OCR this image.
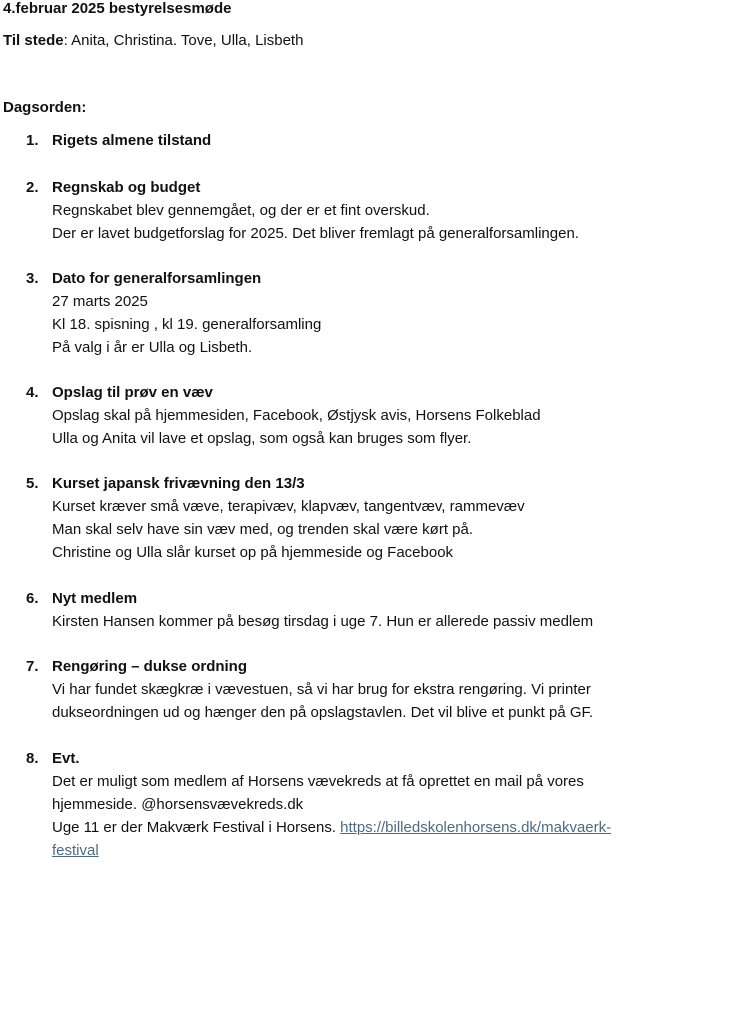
4.februar 2025 bestyrelsesmøde
Til stede: Anita, Christina. Tove, Ulla, Lisbeth
Dagsorden:
1. Rigets almene tilstand
2. Regnskab og budget
Regnskabet blev gennemgået, og der er et fint overskud.
Der er lavet budgetforslag for 2025. Det bliver fremlagt på generalforsamlingen.
3. Dato for generalforsamlingen
27 marts 2025
Kl 18. spisning , kl 19. generalforsamling
På valg i år er Ulla og Lisbeth.
4. Opslag til prøv en væv
Opslag skal på hjemmesiden, Facebook, Østjysk avis, Horsens Folkeblad
Ulla og Anita vil lave et opslag, som også kan bruges som flyer.
5. Kurset japansk frivævning den 13/3
Kurset kræver små væve, terapivæv, klapvæv, tangentvæv, rammevæv
Man skal selv have sin væv med, og trenden skal være kørt på.
Christine og Ulla slår kurset op på hjemmeside og Facebook
6. Nyt medlem
Kirsten Hansen kommer på besøg tirsdag i uge 7. Hun er allerede passiv medlem
7. Rengøring – dukse ordning
Vi har fundet skægkræ i vævestuen, så vi har brug for ekstra rengøring. Vi printer
dukseordningen ud og hænger den på opslagstavlen. Det vil blive et punkt på GF.
8. Evt.
Det er muligt som medlem af Horsens vævekreds at få oprettet en mail på vores
hjemmeside. @horsensvævekreds.dk
Uge 11 er der Makværk Festival i Horsens. https://billedskolenhorsens.dk/makvaerk-
festival
